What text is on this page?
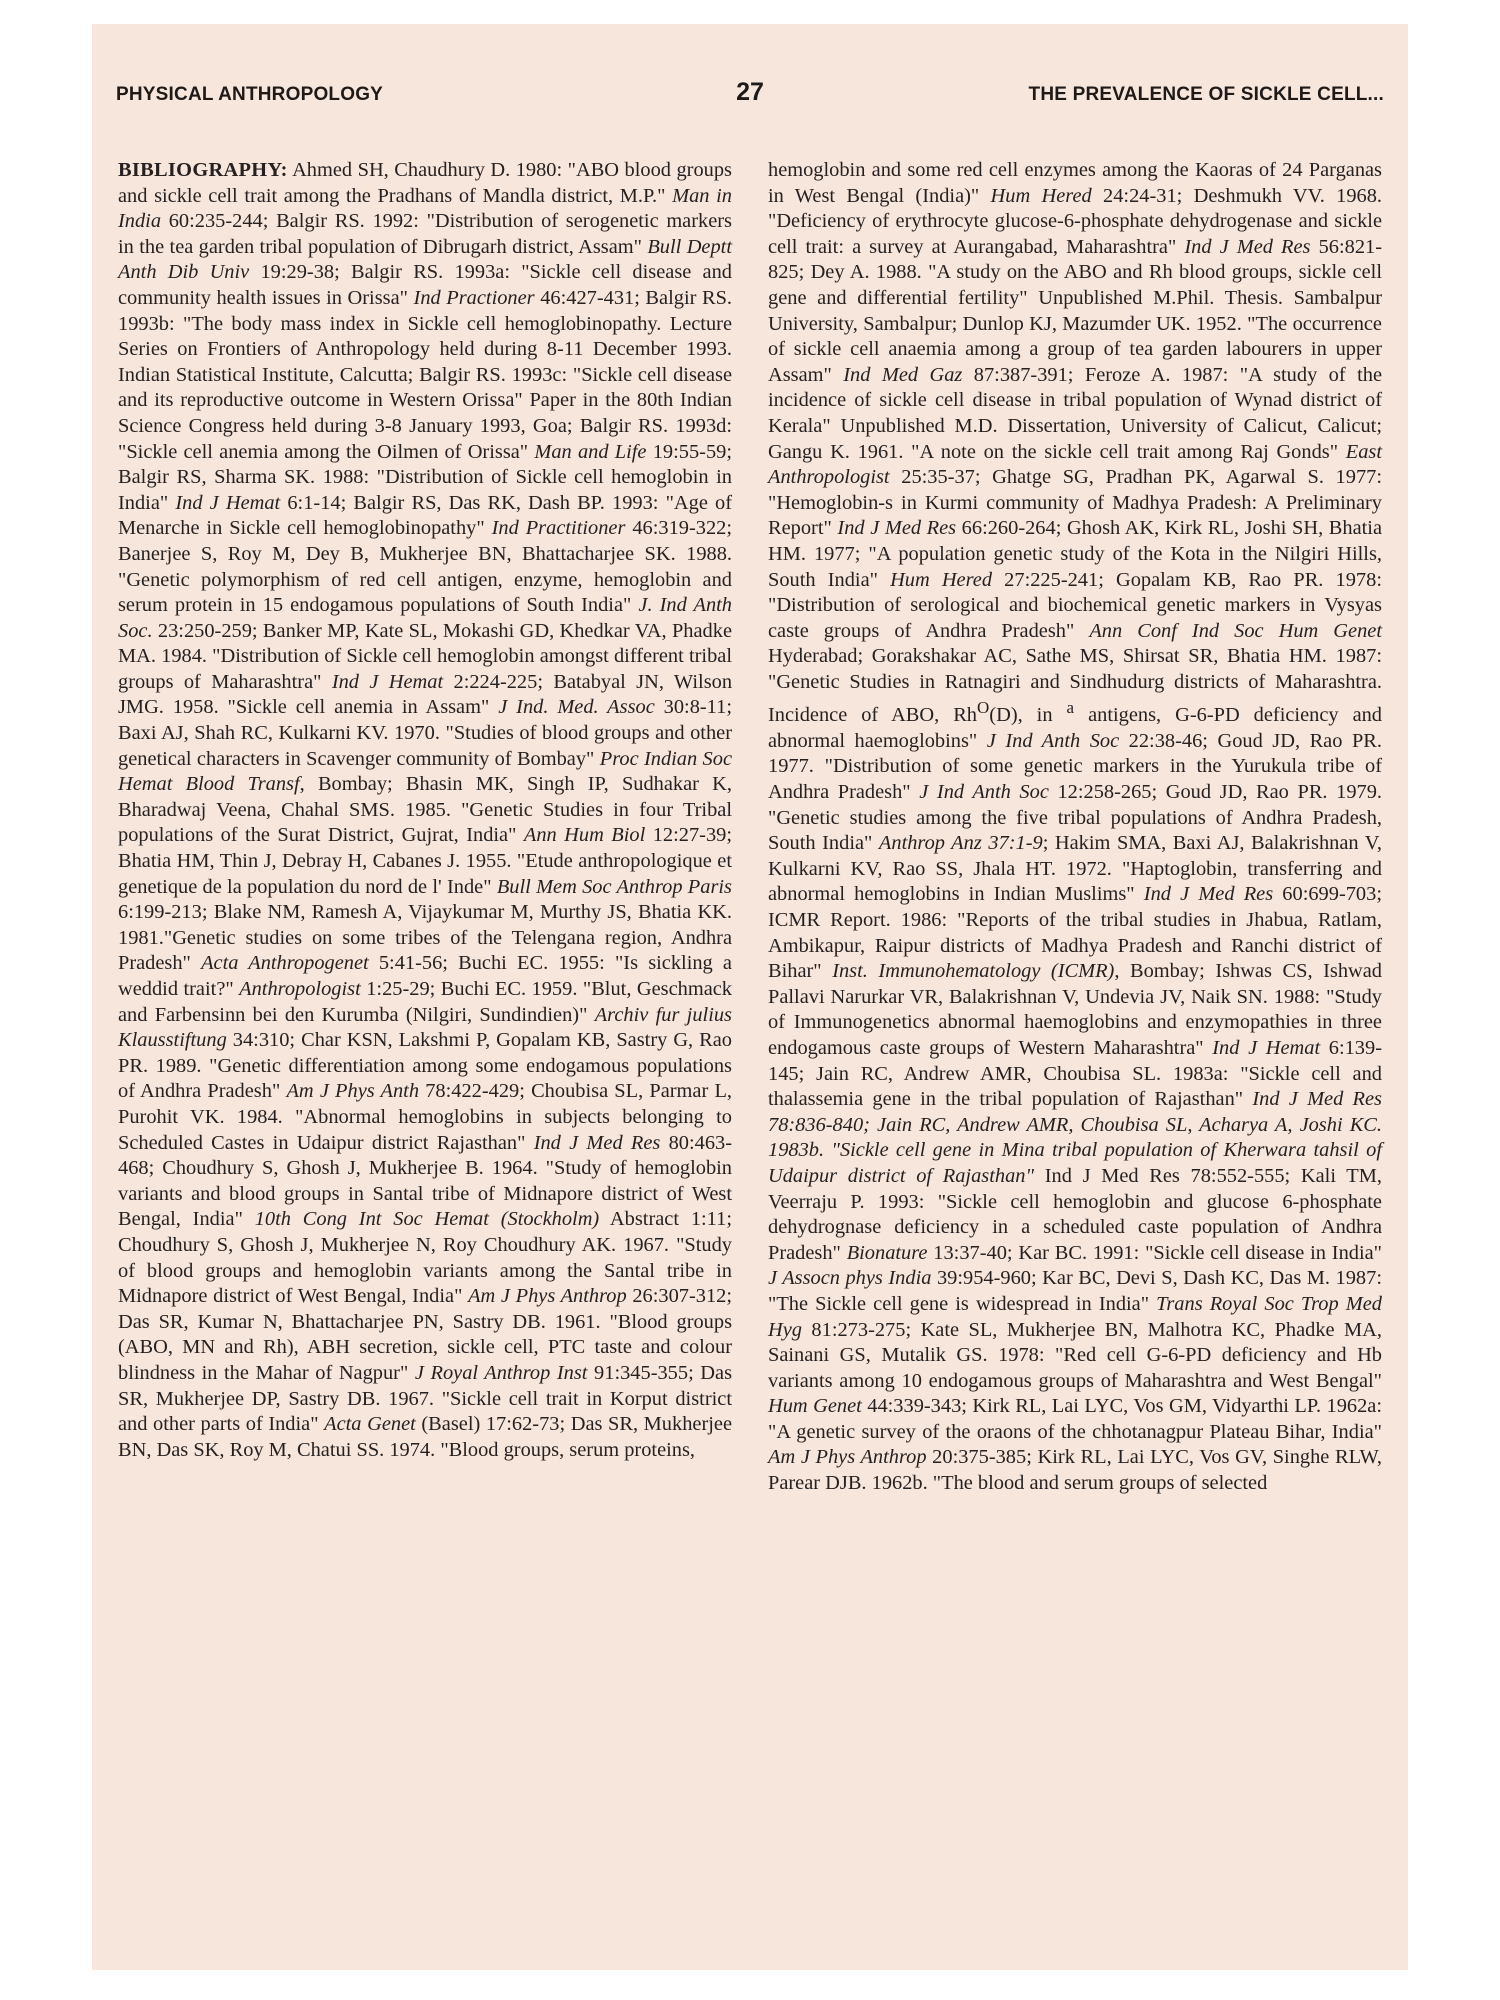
PHYSICAL ANTHROPOLOGY	27	THE PREVALENCE OF SICKLE CELL...
BIBLIOGRAPHY: Ahmed SH, Chaudhury D. 1980: "ABO blood groups and sickle cell trait among the Pradhans of Mandla district, M.P." Man in India 60:235-244; Balgir RS. 1992: "Distribution of serogenetic markers in the tea garden tribal population of Dibrugarh district, Assam" Bull Deptt Anth Dib Univ 19:29-38; Balgir RS. 1993a: "Sickle cell disease and community health issues in Orissa" Ind Practioner 46:427-431; Balgir RS. 1993b: "The body mass index in Sickle cell hemoglobinopathy. Lecture Series on Frontiers of Anthropology held during 8-11 December 1993. Indian Statistical Institute, Calcutta; Balgir RS. 1993c: "Sickle cell disease and its reproductive outcome in Western Orissa" Paper in the 80th Indian Science Congress held during 3-8 January 1993, Goa; Balgir RS. 1993d: "Sickle cell anemia among the Oilmen of Orissa" Man and Life 19:55-59; Balgir RS, Sharma SK. 1988: "Distribution of Sickle cell hemoglobin in India" Ind J Hemat 6:1-14; Balgir RS, Das RK, Dash BP. 1993: "Age of Menarche in Sickle cell hemoglobinopathy" Ind Practitioner 46:319-322; Banerjee S, Roy M, Dey B, Mukherjee BN, Bhattacharjee SK. 1988. "Genetic polymorphism of red cell antigen, enzyme, hemoglobin and serum protein in 15 endogamous populations of South India" J. Ind Anth Soc. 23:250-259; Banker MP, Kate SL, Mokashi GD, Khedkar VA, Phadke MA. 1984. "Distribution of Sickle cell hemoglobin amongst different tribal groups of Maharashtra" Ind J Hemat 2:224-225; Batabyal JN, Wilson JMG. 1958. "Sickle cell anemia in Assam" J Ind. Med. Assoc 30:8-11; Baxi AJ, Shah RC, Kulkarni KV. 1970. "Studies of blood groups and other genetical characters in Scavenger community of Bombay" Proc Indian Soc Hemat Blood Transf, Bombay; Bhasin MK, Singh IP, Sudhakar K, Bharadwaj Veena, Chahal SMS. 1985. "Genetic Studies in four Tribal populations of the Surat District, Gujrat, India" Ann Hum Biol 12:27-39; Bhatia HM, Thin J, Debray H, Cabanes J. 1955. "Etude anthropologique et genetique de la population du nord de l' Inde" Bull Mem Soc Anthrop Paris 6:199-213; Blake NM, Ramesh A, Vijaykumar M, Murthy JS, Bhatia KK. 1981."Genetic studies on some tribes of the Telengana region, Andhra Pradesh" Acta Anthropogenet 5:41-56; Buchi EC. 1955: "Is sickling a weddid trait?" Anthropologist 1:25-29; Buchi EC. 1959. "Blut, Geschmack and Farbensinn bei den Kurumba (Nilgiri, Sundindien)" Archiv fur julius Klausstiftung 34:310; Char KSN, Lakshmi P, Gopalam KB, Sastry G, Rao PR. 1989. "Genetic differentiation among some endogamous populations of Andhra Pradesh" Am J Phys Anth 78:422-429; Choubisa SL, Parmar L, Purohit VK. 1984. "Abnormal hemoglobins in subjects belonging to Scheduled Castes in Udaipur district Rajasthan" Ind J Med Res 80:463-468; Choudhury S, Ghosh J, Mukherjee B. 1964. "Study of hemoglobin variants and blood groups in Santal tribe of Midnapore district of West Bengal, India" 10th Cong Int Soc Hemat (Stockholm) Abstract 1:11; Choudhury S, Ghosh J, Mukherjee N, Roy Choudhury AK. 1967. "Study of blood groups and hemoglobin variants among the Santal tribe in Midnapore district of West Bengal, India" Am J Phys Anthrop 26:307-312; Das SR, Kumar N, Bhattacharjee PN, Sastry DB. 1961. "Blood groups (ABO, MN and Rh), ABH secretion, sickle cell, PTC taste and colour blindness in the Mahar of Nagpur" J Royal Anthrop Inst 91:345-355; Das SR, Mukherjee DP, Sastry DB. 1967. "Sickle cell trait in Korput district and other parts of India" Acta Genet (Basel) 17:62-73; Das SR, Mukherjee BN, Das SK, Roy M, Chatui SS. 1974. "Blood groups, serum proteins,
hemoglobin and some red cell enzymes among the Kaoras of 24 Parganas in West Bengal (India)" Hum Hered 24:24-31; Deshmukh VV. 1968. "Deficiency of erythrocyte glucose-6-phosphate dehydrogenase and sickle cell trait: a survey at Aurangabad, Maharashtra" Ind J Med Res 56:821-825; Dey A. 1988. "A study on the ABO and Rh blood groups, sickle cell gene and differential fertility" Unpublished M.Phil. Thesis. Sambalpur University, Sambalpur; Dunlop KJ, Mazumder UK. 1952. "The occurrence of sickle cell anaemia among a group of tea garden labourers in upper Assam" Ind Med Gaz 87:387-391; Feroze A. 1987: "A study of the incidence of sickle cell disease in tribal population of Wynad district of Kerala" Unpublished M.D. Dissertation, University of Calicut, Calicut; Gangu K. 1961. "A note on the sickle cell trait among Raj Gonds" East Anthropologist 25:35-37; Ghatge SG, Pradhan PK, Agarwal S. 1977: "Hemoglobin-s in Kurmi community of Madhya Pradesh: A Preliminary Report" Ind J Med Res 66:260-264; Ghosh AK, Kirk RL, Joshi SH, Bhatia HM. 1977; "A population genetic study of the Kota in the Nilgiri Hills, South India" Hum Hered 27:225-241; Gopalam KB, Rao PR. 1978: "Distribution of serological and biochemical genetic markers in Vysyas caste groups of Andhra Pradesh" Ann Conf Ind Soc Hum Genet Hyderabad; Gorakshakar AC, Sathe MS, Shirsat SR, Bhatia HM. 1987: "Genetic Studies in Ratnagiri and Sindhudurg districts of Maharashtra. Incidence of ABO, $Rh^O(D)$, in $^a$ antigens, G-6-PD deficiency and abnormal haemoglobins" J Ind Anth Soc 22:38-46; Goud JD, Rao PR. 1977. "Distribution of some genetic markers in the Yurukula tribe of Andhra Pradesh" J Ind Anth Soc 12:258-265; Goud JD, Rao PR. 1979. "Genetic studies among the five tribal populations of Andhra Pradesh, South India" Anthrop Anz 37:1-9; Hakim SMA, Baxi AJ, Balakrishnan V, Kulkarni KV, Rao SS, Jhala HT. 1972. "Haptoglobin, transferring and abnormal hemoglobins in Indian Muslims" Ind J Med Res 60:699-703; ICMR Report. 1986: "Reports of the tribal studies in Jhabua, Ratlam, Ambikapur, Raipur districts of Madhya Pradesh and Ranchi district of Bihar" Inst. Immunohematology (ICMR), Bombay; Ishwas CS, Ishwad Pallavi Narurkar VR, Balakrishnan V, Undevia JV, Naik SN. 1988: "Study of Immunogenetics abnormal haemoglobins and enzymopathies in three endogamous caste groups of Western Maharashtra" Ind J Hemat 6:139-145; Jain RC, Andrew AMR, Choubisa SL. 1983a: "Sickle cell and thalassemia gene in the tribal population of Rajasthan" Ind J Med Res 78:836-840; Jain RC, Andrew AMR, Choubisa SL, Acharya A, Joshi KC. 1983b. "Sickle cell gene in Mina tribal population of Kherwara tahsil of Udaipur district of Rajasthan" Ind J Med Res 78:552-555; Kali TM, Veerraju P. 1993: "Sickle cell hemoglobin and glucose 6-phosphate dehydrognase deficiency in a scheduled caste population of Andhra Pradesh" Bionature 13:37-40; Kar BC. 1991: "Sickle cell disease in India" J Assocn phys India 39:954-960; Kar BC, Devi S, Dash KC, Das M. 1987: "The Sickle cell gene is widespread in India" Trans Royal Soc Trop Med Hyg 81:273-275; Kate SL, Mukherjee BN, Malhotra KC, Phadke MA, Sainani GS, Mutalik GS. 1978: "Red cell G-6-PD deficiency and Hb variants among 10 endogamous groups of Maharashtra and West Bengal" Hum Genet 44:339-343; Kirk RL, Lai LYC, Vos GM, Vidyarthi LP. 1962a: "A genetic survey of the oraons of the chhotanagpur Plateau Bihar, India" Am J Phys Anthrop 20:375-385; Kirk RL, Lai LYC, Vos GV, Singhe RLW, Parear DJB. 1962b. "The blood and serum groups of selected
